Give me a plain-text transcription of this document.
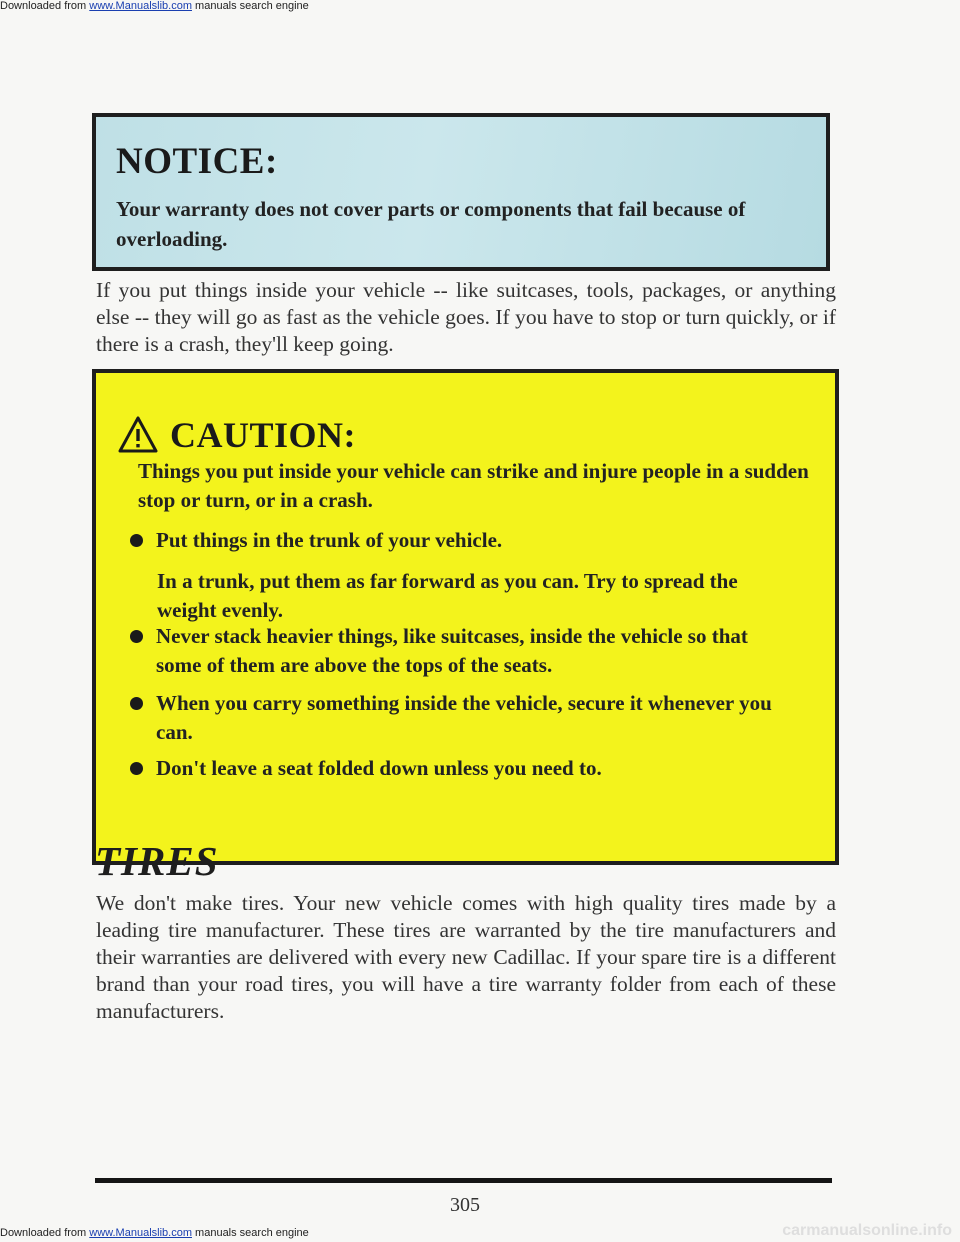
Downloaded from www.Manualslib.com manuals search engine
NOTICE:
Your warranty does not cover parts or components that fail because of overloading.
If you put things inside your vehicle -- like suitcases, tools, packages, or anything else -- they will go as fast as the vehicle goes. If you have to stop or turn quickly, or if there is a crash, they'll keep going.
CAUTION:
Things you put inside your vehicle can strike and injure people in a sudden stop or turn, or in a crash.
Put things in the trunk of your vehicle.
In a trunk, put them as far forward as you can. Try to spread the weight evenly.
Never stack heavier things, like suitcases, inside the vehicle so that some of them are above the tops of the seats.
When you carry something inside the vehicle, secure it whenever you can.
Don't leave a seat folded down unless you need to.
TIRES
We don't make tires. Your new vehicle comes with high quality tires made by a leading tire manufacturer. These tires are warranted by the tire manufacturers and their warranties are delivered with every new Cadillac. If your spare tire is a different brand than your road tires, you will have a tire warranty folder from each of these manufacturers.
305
Downloaded from www.Manualslib.com manuals search engine	carmanualsonline.info
